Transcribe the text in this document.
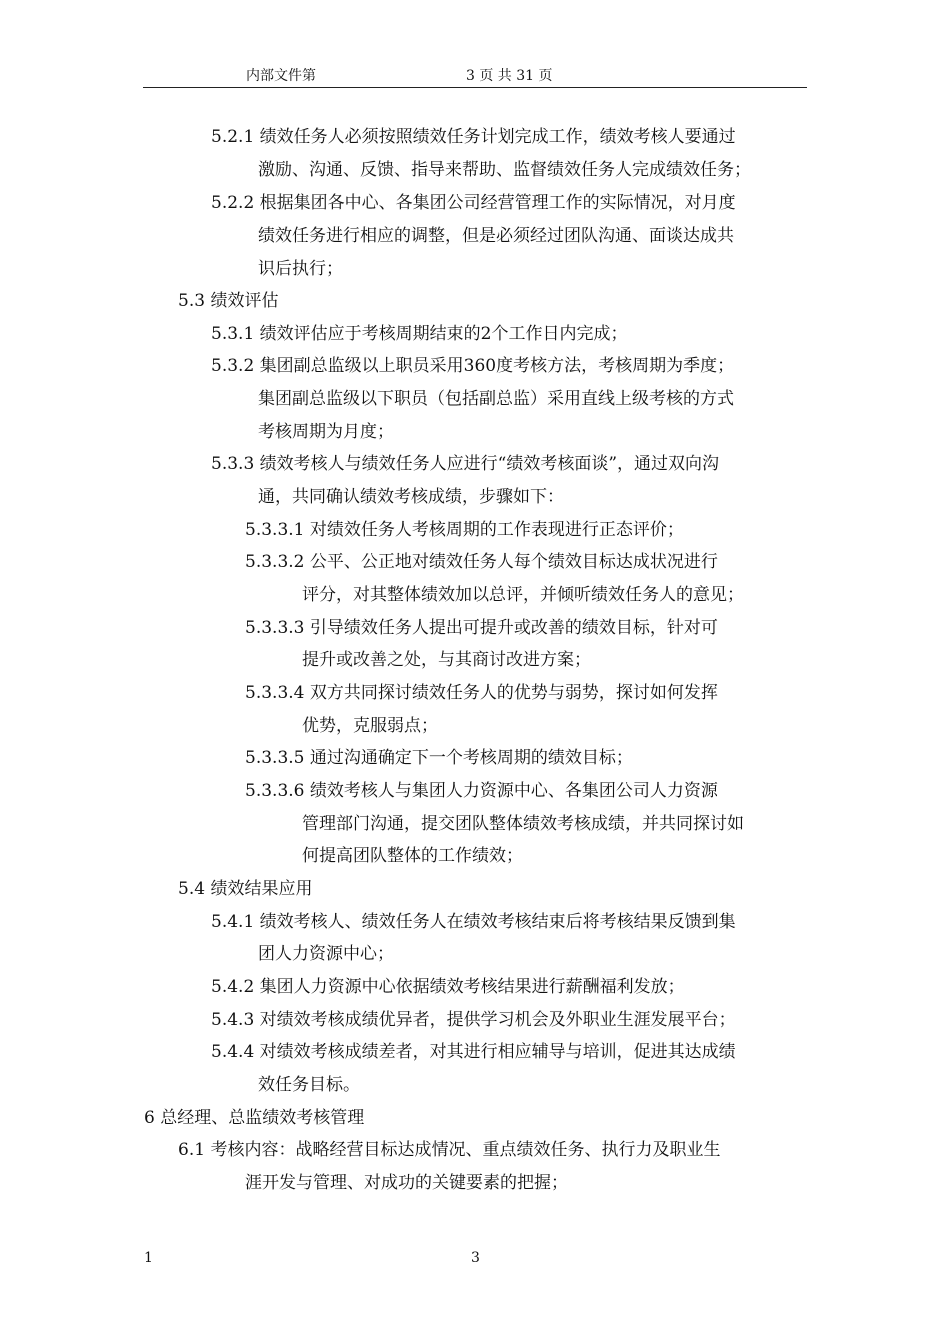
内部文件第	3 页 共 31 页
5.2.1 绩效任务人必须按照绩效任务计划完成工作，绩效考核人要通过
激励、沟通、反馈、指导来帮助、监督绩效任务人完成绩效任务；
5.2.2 根据集团各中心、各集团公司经营管理工作的实际情况，对月度
绩效任务进行相应的调整，但是必须经过团队沟通、面谈达成共
识后执行；
5.3 绩效评估
5.3.1 绩效评估应于考核周期结束的2个工作日内完成；
5.3.2 集团副总监级以上职员采用360度考核方法，考核周期为季度；
集团副总监级以下职员（包括副总监）采用直线上级考核的方式
考核周期为月度；
5.3.3 绩效考核人与绩效任务人应进行“绩效考核面谈”，通过双向沟
通，共同确认绩效考核成绩，步骤如下：
5.3.3.1 对绩效任务人考核周期的工作表现进行正态评价；
5.3.3.2 公平、公正地对绩效任务人每个绩效目标达成状况进行
评分，对其整体绩效加以总评，并倾听绩效任务人的意见；
5.3.3.3 引导绩效任务人提出可提升或改善的绩效目标，针对可
提升或改善之处，与其商讨改进方案；
5.3.3.4 双方共同探讨绩效任务人的优势与弱势，探讨如何发挥
优势，克服弱点；
5.3.3.5 通过沟通确定下一个考核周期的绩效目标；
5.3.3.6 绩效考核人与集团人力资源中心、各集团公司人力资源
管理部门沟通，提交团队整体绩效考核成绩，并共同探讨如
何提高团队整体的工作绩效；
5.4 绩效结果应用
5.4.1 绩效考核人、绩效任务人在绩效考核结束后将考核结果反馈到集
团人力资源中心；
5.4.2 集团人力资源中心依据绩效考核结果进行薪酬福利发放；
5.4.3 对绩效考核成绩优异者，提供学习机会及外职业生涯发展平台；
5.4.4 对绩效考核成绩差者，对其进行相应辅导与培训，促进其达成绩
效任务目标。
6 总经理、总监绩效考核管理
6.1 考核内容：战略经营目标达成情况、重点绩效任务、执行力及职业生
涯开发与管理、对成功的关键要素的把握；
1	3
